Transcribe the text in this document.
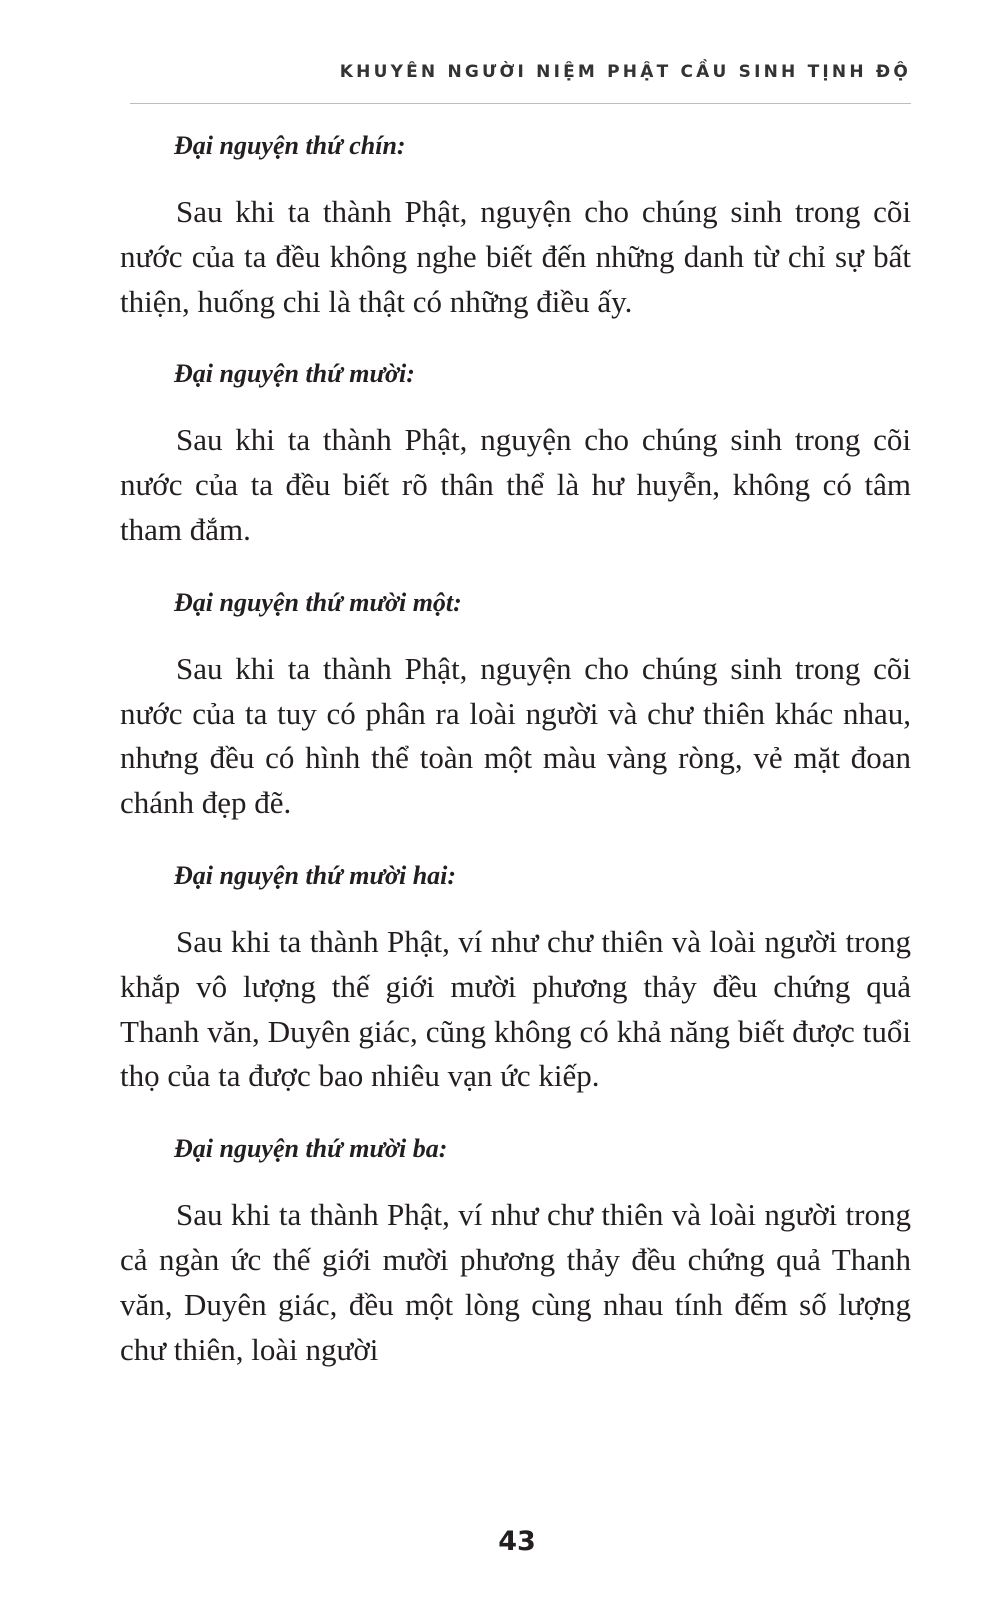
KHUYÊN NGƯỜI NIỆM PHẬT CẦU SINH TỊNH ĐỘ
Đại nguyện thứ chín:

Sau khi ta thành Phật, nguyện cho chúng sinh trong cõi nước của ta đều không nghe biết đến những danh từ chỉ sự bất thiện, huống chi là thật có những điều ấy.

Đại nguyện thứ mười:

Sau khi ta thành Phật, nguyện cho chúng sinh trong cõi nước của ta đều biết rõ thân thể là hư huyễn, không có tâm tham đắm.

Đại nguyện thứ mười một:

Sau khi ta thành Phật, nguyện cho chúng sinh trong cõi nước của ta tuy có phân ra loài người và chư thiên khác nhau, nhưng đều có hình thể toàn một màu vàng ròng, vẻ mặt đoan chánh đẹp đẽ.

Đại nguyện thứ mười hai:

Sau khi ta thành Phật, ví như chư thiên và loài người trong khắp vô lượng thế giới mười phương thảy đều chứng quả Thanh văn, Duyên giác, cũng không có khả năng biết được tuổi thọ của ta được bao nhiêu vạn ức kiếp.

Đại nguyện thứ mười ba:

Sau khi ta thành Phật, ví như chư thiên và loài người trong cả ngàn ức thế giới mười phương thảy đều chứng quả Thanh văn, Duyên giác, đều một lòng cùng nhau tính đếm số lượng chư thiên, loài người

43
